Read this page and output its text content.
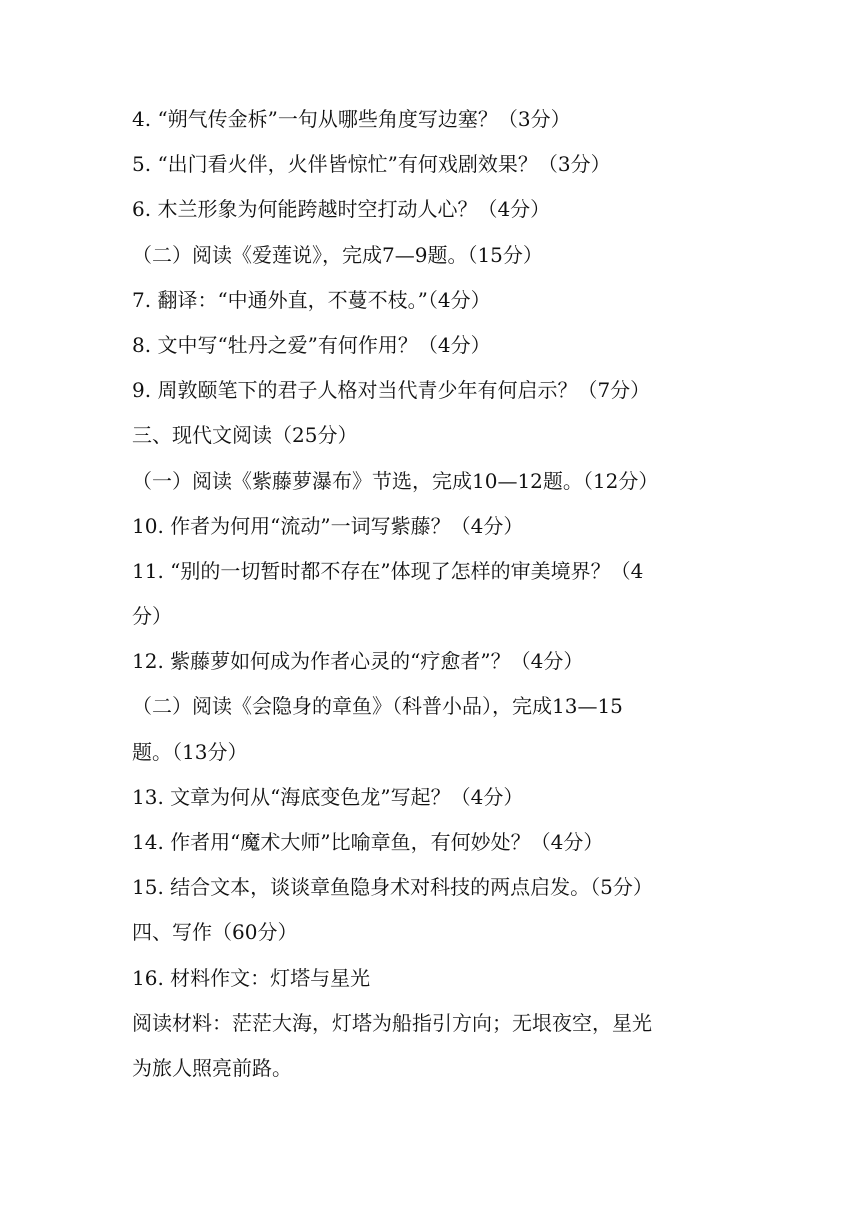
4. “朔气传金柝”一句从哪些角度写边塞？（3分）
5. “出门看火伴，火伴皆惊忙”有何戏剧效果？（3分）
6. 木兰形象为何能跨越时空打动人心？（4分）
（二）阅读《爱莲说》，完成7—9题。（15分）
7. 翻译：“中通外直，不蔓不枝。”（4分）
8. 文中写“牡丹之爱”有何作用？（4分）
9. 周敦颐笔下的君子人格对当代青少年有何启示？（7分）
三、现代文阅读（25分）
（一）阅读《紫藤萝瀑布》节选，完成10—12题。（12分）
10. 作者为何用“流动”一词写紫藤？（4分）
11. “别的一切暂时都不存在”体现了怎样的审美境界？（4
分）
12. 紫藤萝如何成为作者心灵的“疗愈者”？（4分）
（二）阅读《会隐身的章鱼》（科普小品），完成13—15
题。（13分）
13. 文章为何从“海底变色龙”写起？（4分）
14. 作者用“魔术大师”比喻章鱼，有何妙处？（4分）
15. 结合文本，谈谈章鱼隐身术对科技的两点启发。（5分）
四、写作（60分）
16. 材料作文：灯塔与星光
阅读材料：茫茫大海，灯塔为船指引方向；无垠夜空，星光
为旅人照亮前路。
